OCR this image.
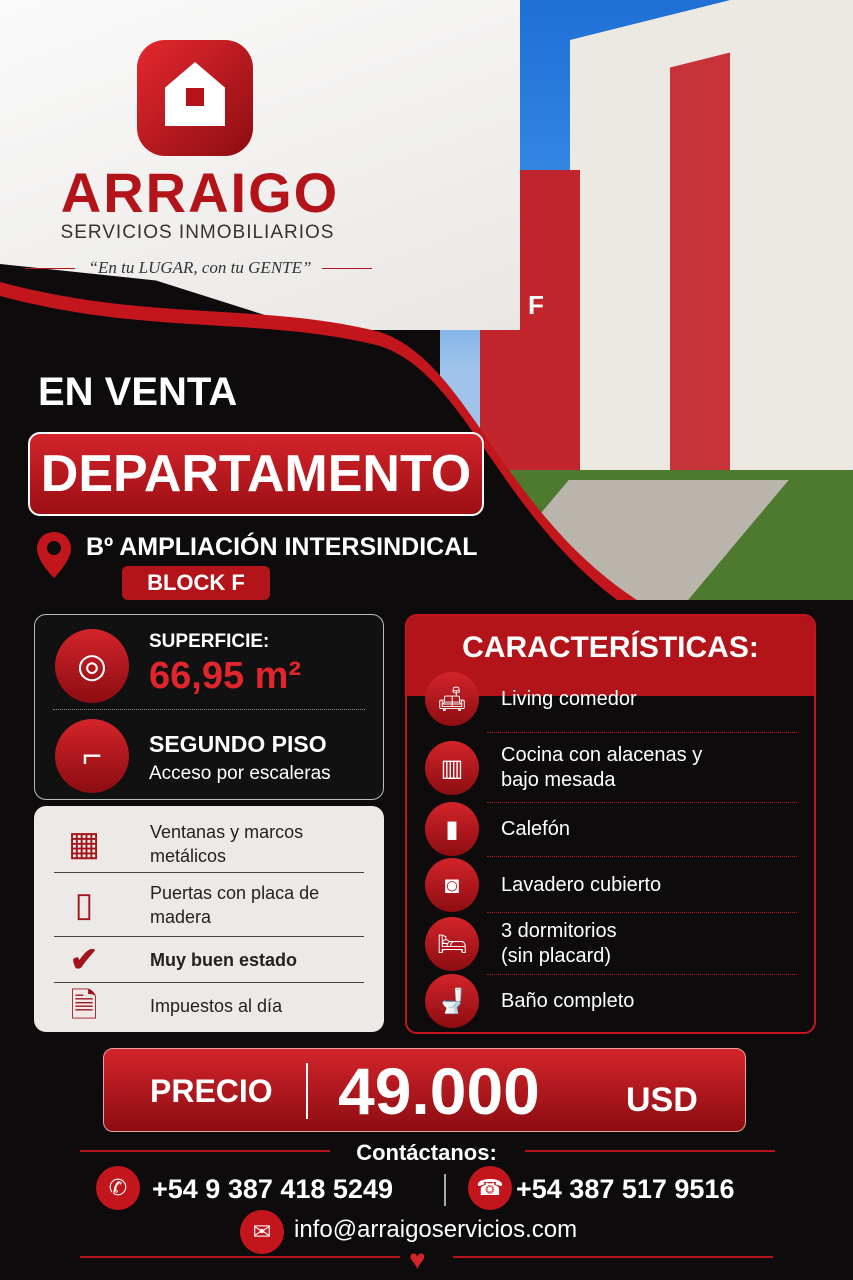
F
ARRAIGO
SERVICIOS INMOBILIARIOS
“En tu LUGAR, con tu GENTE”
EN VENTA
DEPARTAMENTO
Bº AMPLIACIÓN INTERSINDICAL
BLOCK F
◎
SUPERFICIE:
66,95 m²
⌐	SEGUNDO PISO
Acceso por escaleras
▦	Ventanas y marcos metálicos
▯	Puertas con placa de madera
✔	Muy buen estado
🗎	Impuestos al día
CARACTERÍSTICAS:
🛋	Living comedor
▥	Cocina con alacenas y bajo mesada
▮	Calefón
◙	Lavadero cubierto
🛏	3 dormitorios (sin placard)
🚽	Baño completo
PRECIO 49.000	USD
Contáctanos:
✆ +54 9 387 418 5249	☎ +54 387 517 9516
✉ info@arraigoservicios.com
♥
